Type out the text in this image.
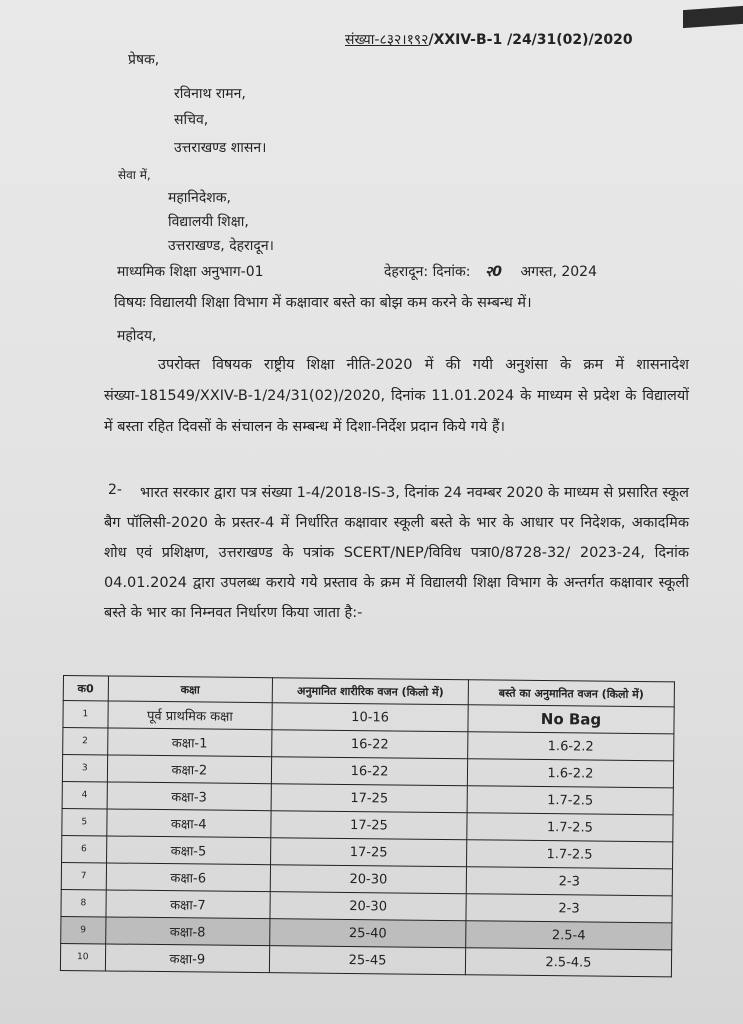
संख्या-८३२।१९२/XXIV-B-1 /24/31(02)/2020
प्रेषक,
रविनाथ रामन,
सचिव,
उत्तराखण्ड शासन।
सेवा में,
महानिदेशक,
विद्यालयी शिक्षा,
उत्तराखण्ड, देहरादून।
माध्यमिक शिक्षा अनुभाग-01	देहरादून: दिनांक: २0 अगस्त, 2024
विषयः विद्यालयी शिक्षा विभाग में कक्षावार बस्ते का बोझ कम करने के सम्बन्ध में।
महोदय,
उपरोक्त विषयक राष्ट्रीय शिक्षा नीति-2020 में की गयी अनुशंसा के क्रम में शासनादेश संख्या-181549/XXIV-B-1/24/31(02)/2020, दिनांक 11.01.2024 के माध्यम से प्रदेश के विद्यालयों में बस्ता रहित दिवसों के संचालन के सम्बन्ध में दिशा-निर्देश प्रदान किये गये हैं।
2-	भारत सरकार द्वारा पत्र संख्या 1-4/2018-IS-3, दिनांक 24 नवम्बर 2020 के माध्यम से प्रसारित स्कूल बैग पॉलिसी-2020 के प्रस्तर-4 में निर्धारित कक्षावार स्कूली बस्ते के भार के आधार पर निदेशक, अकादमिक शोध एवं प्रशिक्षण, उत्तराखण्ड के पत्रांक SCERT/NEP/विविध पत्रा0/8728-32/ 2023-24, दिनांक 04.01.2024 द्वारा उपलब्ध कराये गये प्रस्ताव के क्रम में विद्यालयी शिक्षा विभाग के अन्तर्गत कक्षावार स्कूली बस्ते के भार का निम्नवत निर्धारण किया जाता है:-
क0	कक्षा	अनुमानित शारीरिक वजन (किलो में)	बस्ते का अनुमानित वजन (किलो में)
1	पूर्व प्राथमिक कक्षा	10-16	No Bag
2	कक्षा-1	16-22	1.6-2.2
3	कक्षा-2	16-22	1.6-2.2
4	कक्षा-3	17-25	1.7-2.5
5	कक्षा-4	17-25	1.7-2.5
6	कक्षा-5	17-25	1.7-2.5
7	कक्षा-6	20-30	2-3
8	कक्षा-7	20-30	2-3
9	कक्षा-8	25-40	2.5-4
10	कक्षा-9	25-45	2.5-4.5
